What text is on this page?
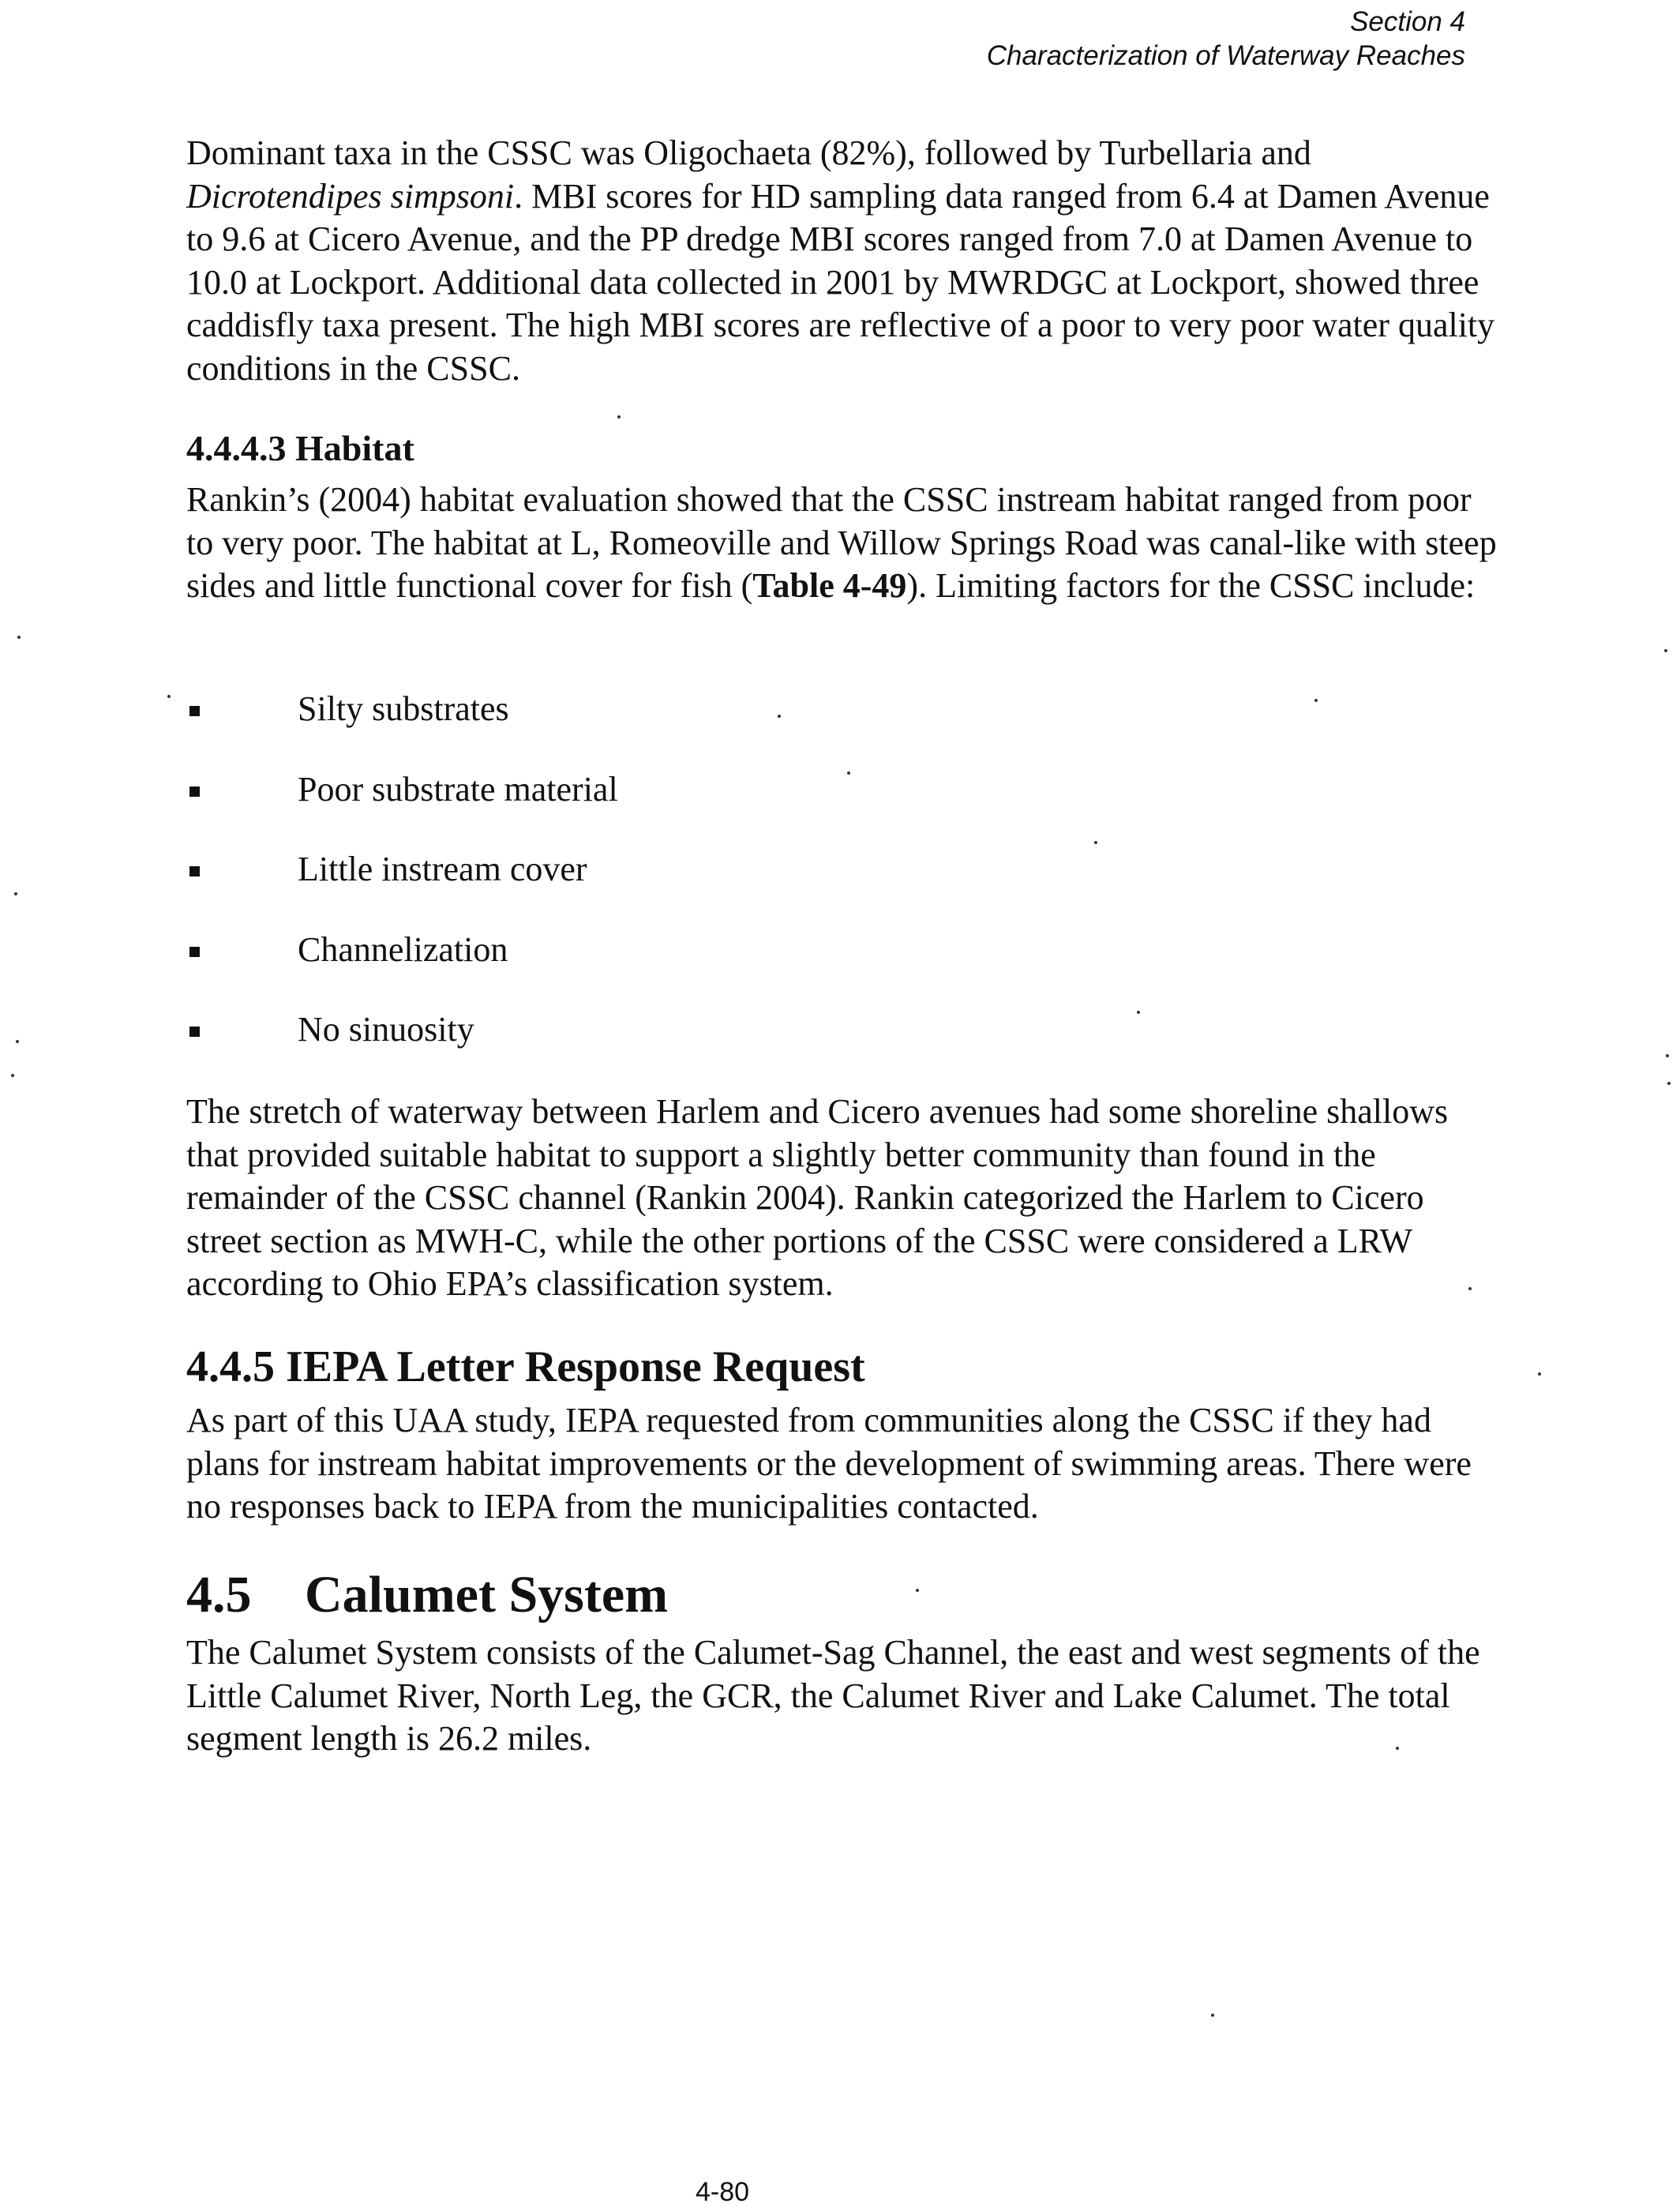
Section 4
Characterization of Waterway Reaches

Dominant taxa in the CSSC was Oligochaeta (82%), followed by Turbellaria and Dicrotendipes simpsoni. MBI scores for HD sampling data ranged from 6.4 at Damen Avenue to 9.6 at Cicero Avenue, and the PP dredge MBI scores ranged from 7.0 at Damen Avenue to 10.0 at Lockport. Additional data collected in 2001 by MWRDGC at Lockport, showed three caddisfly taxa present. The high MBI scores are reflective of a poor to very poor water quality conditions in the CSSC.

4.4.4.3 Habitat

Rankin’s (2004) habitat evaluation showed that the CSSC instream habitat ranged from poor to very poor. The habitat at L, Romeoville and Willow Springs Road was canal-like with steep sides and little functional cover for fish (Table 4-49). Limiting factors for the CSSC include:

Silty substrates
Poor substrate material
Little instream cover
Channelization
No sinuosity

The stretch of waterway between Harlem and Cicero avenues had some shoreline shallows that provided suitable habitat to support a slightly better community than found in the remainder of the CSSC channel (Rankin 2004). Rankin categorized the Harlem to Cicero street section as MWH-C, while the other portions of the CSSC were considered a LRW according to Ohio EPA’s classification system.

4.4.5 IEPA Letter Response Request

As part of this UAA study, IEPA requested from communities along the CSSC if they had plans for instream habitat improvements or the development of swimming areas. There were no responses back to IEPA from the municipalities contacted.

4.5 Calumet System

The Calumet System consists of the Calumet-Sag Channel, the east and west segments of the Little Calumet River, North Leg, the GCR, the Calumet River and Lake Calumet. The total segment length is 26.2 miles.

4-80
